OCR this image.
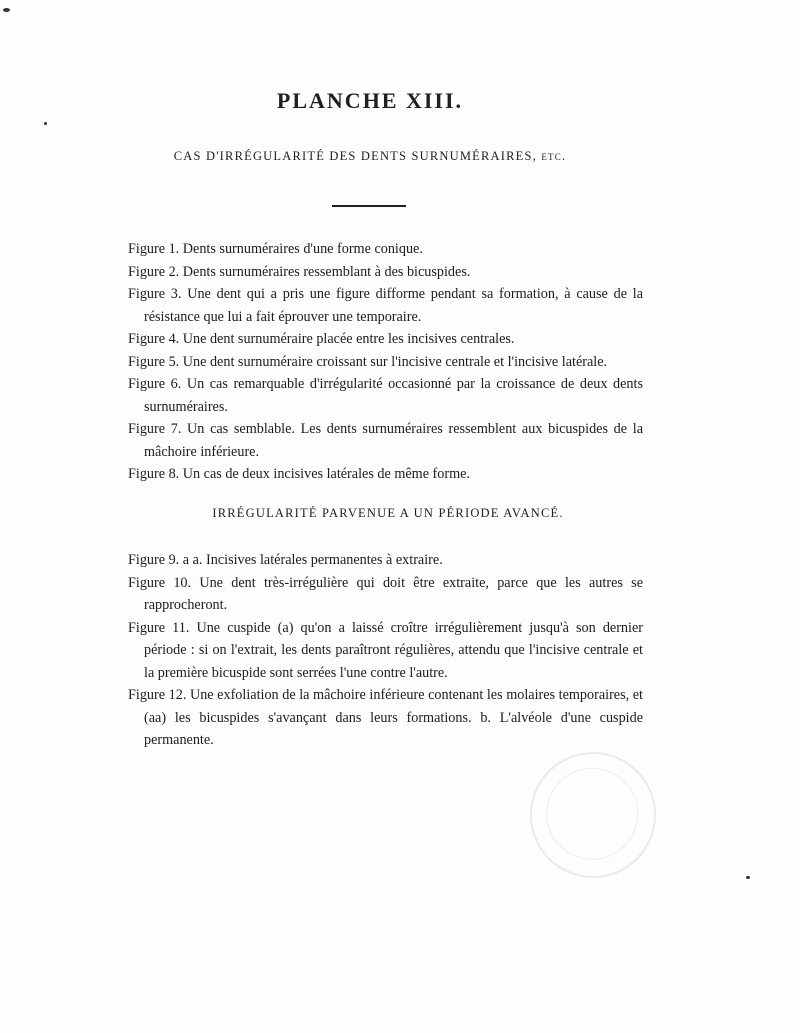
PLANCHE XIII.
CAS D'IRRÉGULARITÉ DES DENTS SURNUMÉRAIRES, etc.

Figure 1. Dents surnuméraires d'une forme conique.

Figure 2. Dents surnuméraires ressemblant à des bicuspides.

Figure 3. Une dent qui a pris une figure difforme pendant sa formation, à cause de la résistance que lui a fait éprouver une temporaire.

Figure 4. Une dent surnuméraire placée entre les incisives centrales.

Figure 5. Une dent surnuméraire croissant sur l'incisive centrale et l'incisive latérale.

Figure 6. Un cas remarquable d'irrégularité occasionné par la croissance de deux dents surnuméraires.

Figure 7. Un cas semblable. Les dents surnuméraires ressemblent aux bicuspides de la mâchoire inférieure.

Figure 8. Un cas de deux incisives latérales de même forme.

IRRÉGULARITÉ PARVENUE A UN PÉRIODE AVANCÉ.

Figure 9. a a. Incisives latérales permanentes à extraire.

Figure 10. Une dent très-irrégulière qui doit être extraite, parce que les autres se rapprocheront.

Figure 11. Une cuspide (a) qu'on a laissé croître irrégulièrement jusqu'à son dernier période : si on l'extrait, les dents paraîtront régulières, attendu que l'incisive centrale et la première bicuspide sont serrées l'une contre l'autre.

Figure 12. Une exfoliation de la mâchoire inférieure contenant les molaires temporaires, et (aa) les bicuspides s'avançant dans leurs formations. b. L'alvéole d'une cuspide permanente.
